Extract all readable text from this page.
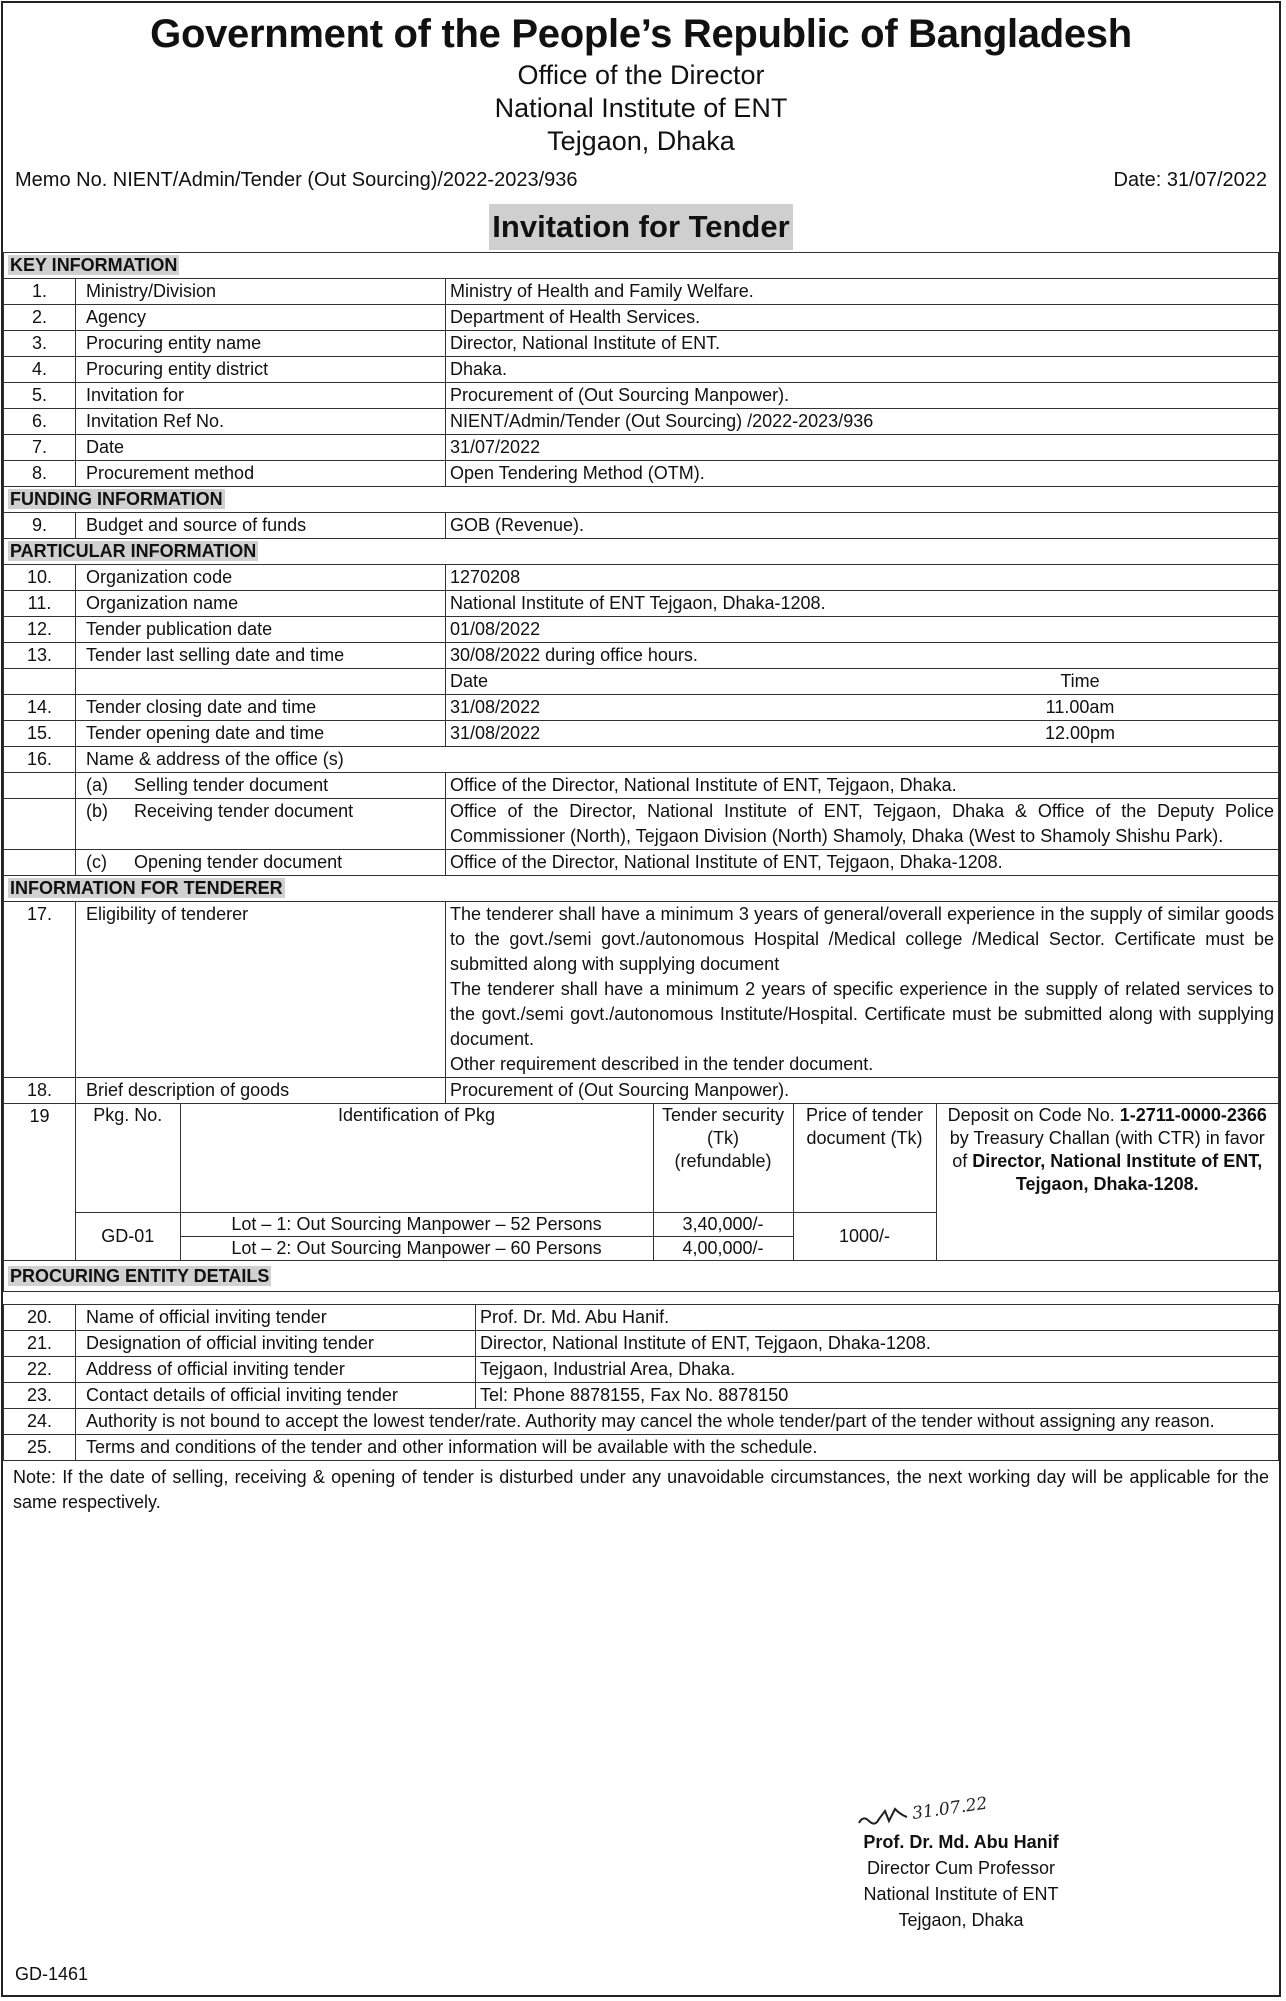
Government of the People’s Republic of Bangladesh
Office of the Director
National Institute of ENT
Tejgaon, Dhaka
Memo No. NIENT/Admin/Tender (Out Sourcing)/2022-2023/936	Date: 31/07/2022
Invitation for Tender
KEY INFORMATION
1.	Ministry/Division	Ministry of Health and Family Welfare.
2.	Agency	Department of Health Services.
3.	Procuring entity name	Director, National Institute of ENT.
4.	Procuring entity district	Dhaka.
5.	Invitation for	Procurement of (Out Sourcing Manpower).
6.	Invitation Ref No.	NIENT/Admin/Tender (Out Sourcing) /2022-2023/936
7.	Date	31/07/2022
8.	Procurement method	Open Tendering Method (OTM).
FUNDING INFORMATION
9.	Budget and source of funds	GOB (Revenue).
PARTICULAR INFORMATION
10.	Organization code	1270208
11.	Organization name	National Institute of ENT Tejgaon, Dhaka-1208.
12.	Tender publication date	01/08/2022
13.	Tender last selling date and time	30/08/2022 during office hours.

Date	Time

14.	Tender closing date and time	31/08/2022	11.00am

15.	Tender opening date and time	31/08/2022	12.00pm

16.	Name & address of the office (s)

(a)	Selling tender document	Office of the Director, National Institute of ENT, Tejgaon, Dhaka.

(b)	Receiving tender document	Office of the Director, National Institute of ENT, Tejgaon, Dhaka & Office of the Deputy Police Commissioner (North), Tejgaon Division (North) Shamoly, Dhaka (West to Shamoly Shishu Park).

(c)	Opening tender document	Office of the Director, National Institute of ENT, Tejgaon, Dhaka-1208.
INFORMATION FOR TENDERER
17.	Eligibility of tenderer	The tenderer shall have a minimum 3 years of general/overall experience in the supply of similar goods to the govt./semi govt./autonomous Hospital /Medical college /Medical Sector. Certificate must be submitted along with supplying document
The tenderer shall have a minimum 2 years of specific experience in the supply of related services to the govt./semi govt./autonomous Institute/Hospital. Certificate must be submitted along with supplying document.
Other requirement described in the tender document.

18.	Brief description of goods	Procurement of (Out Sourcing Manpower).
19	Pkg. No.	Identification of Pkg	Tender security (Tk) (refundable)	Price of tender document (Tk)	Deposit on Code No. 1-2711-0000-2366 by Treasury Challan (with CTR) in favor of Director, National Institute of ENT, Tejgaon, Dhaka-1208.
GD-01	Lot – 1: Out Sourcing Manpower – 52 Persons	3,40,000/-	1000/-
Lot – 2: Out Sourcing Manpower – 60 Persons	4,00,000/-

PROCURING ENTITY DETAILS

20.	Name of official inviting tender	Prof. Dr. Md. Abu Hanif.
21.	Designation of official inviting tender	Director, National Institute of ENT, Tejgaon, Dhaka-1208.
22.	Address of official inviting tender	Tejgaon, Industrial Area, Dhaka.
23.	Contact details of official inviting tender	Tel: Phone 8878155, Fax No. 8878150
24.	Authority is not bound to accept the lowest tender/rate. Authority may cancel the whole tender/part of the tender without assigning any reason.	
25.	Terms and conditions of the tender and other information will be available with the schedule.	
Note: If the date of selling, receiving & opening of tender is disturbed under any unavoidable circumstances, the next working day will be applicable for the same respectively.
31.07.22
Prof. Dr. Md. Abu Hanif
Director Cum Professor
National Institute of ENT
Tejgaon, Dhaka
GD-1461
